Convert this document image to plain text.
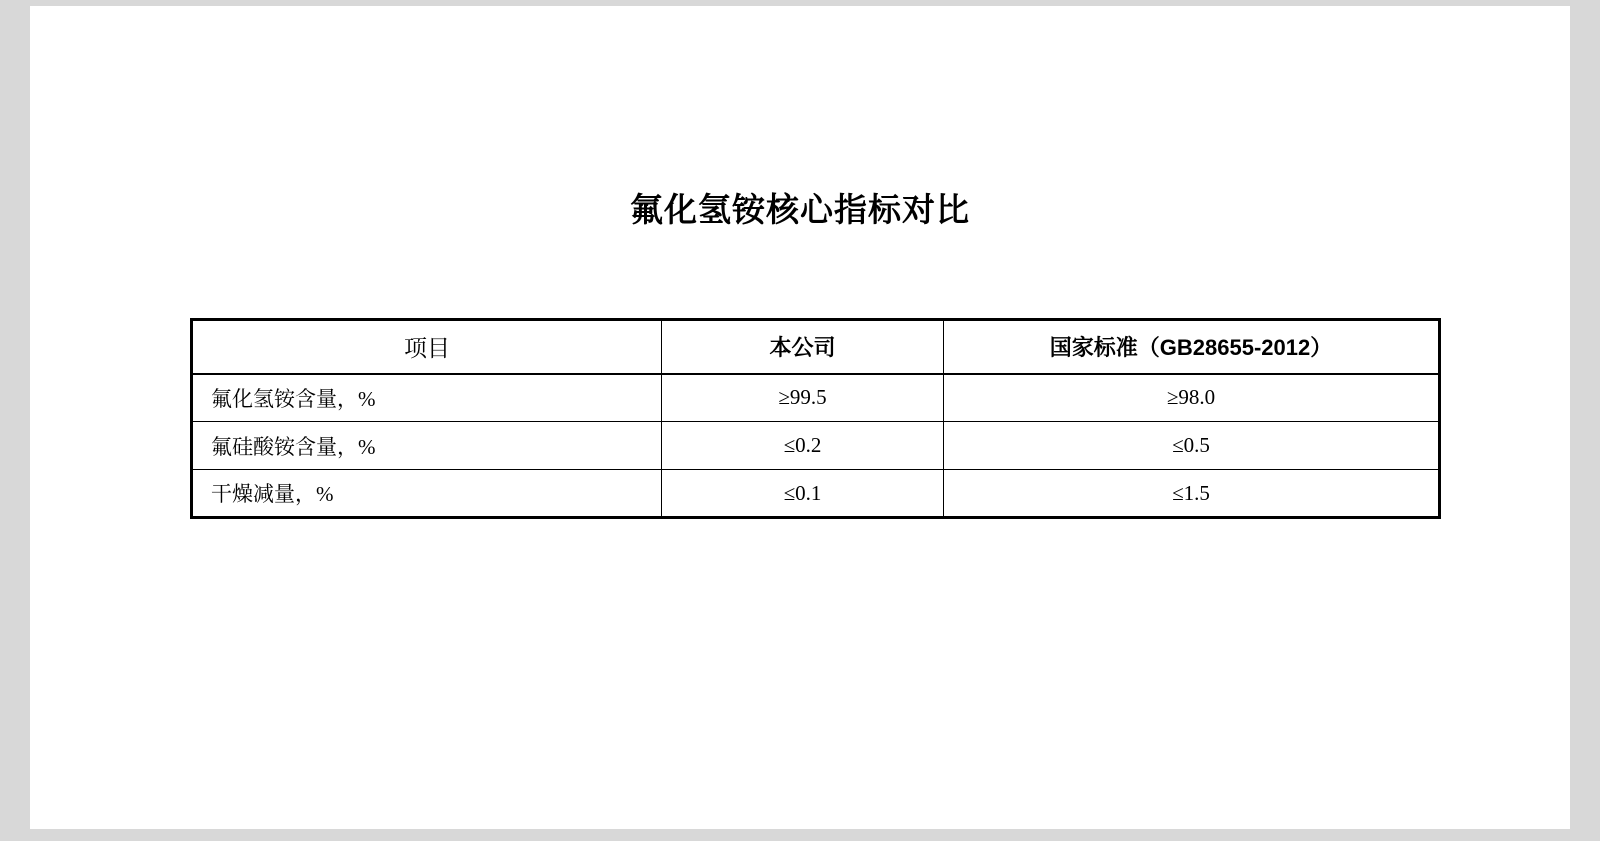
氟化氢铵核心指标对比
项目	本公司	国家标准（GB28655-2012）
氟化氢铵含量，%	≥99.5	≥98.0
氟硅酸铵含量，%	≤0.2	≤0.5
干燥减量，%	≤0.1	≤1.5
